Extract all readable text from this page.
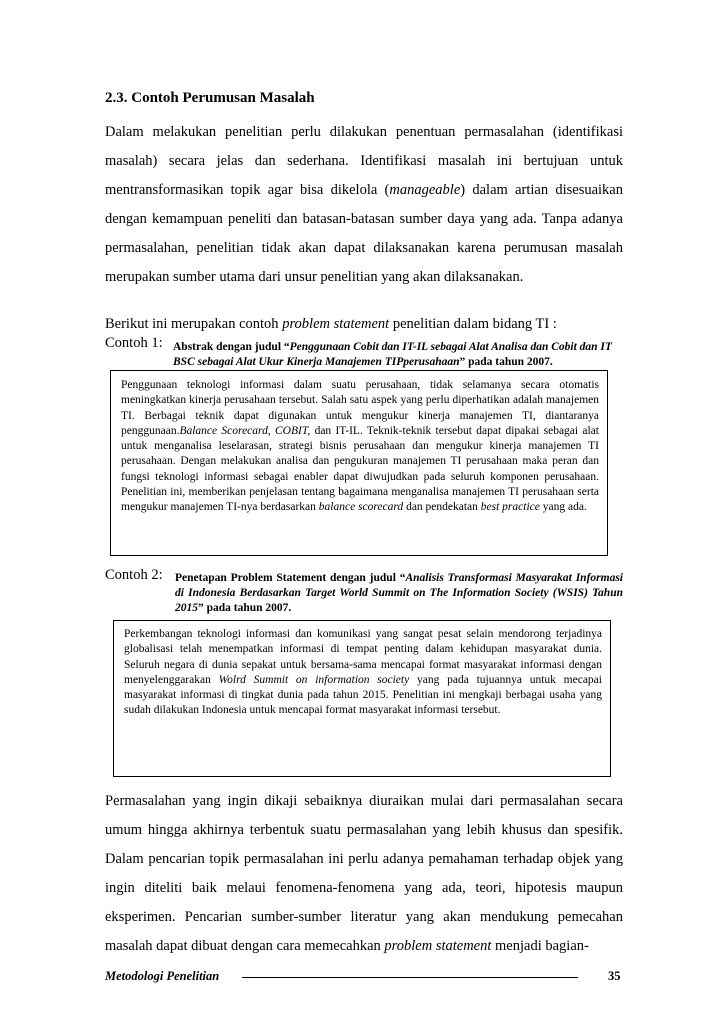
2.3. Contoh Perumusan Masalah

Dalam melakukan penelitian perlu dilakukan penentuan permasalahan (identifikasi masalah) secara jelas dan sederhana. Identifikasi masalah ini bertujuan untuk mentransformasikan topik agar bisa dikelola (manageable) dalam artian disesuaikan dengan kemampuan peneliti dan batasan-batasan sumber daya yang ada. Tanpa adanya permasalahan, penelitian tidak akan dapat dilaksanakan karena perumusan masalah merupakan sumber utama dari unsur penelitian yang akan dilaksanakan.

Berikut ini merupakan contoh problem statement penelitian dalam bidang TI :

Contoh 1: Abstrak dengan judul “Penggunaan Cobit dan IT-IL sebagai Alat Analisa dan Cobit dan IT BSC sebagai Alat Ukur Kinerja Manajemen TIPperusahaan” pada tahun 2007.

Penggunaan teknologi informasi dalam suatu perusahaan, tidak selamanya secara otomatis meningkatkan kinerja perusahaan tersebut. Salah satu aspek yang perlu diperhatikan adalah manajemen TI. Berbagai teknik dapat digunakan untuk mengukur kinerja manajemen TI, diantaranya penggunaan.Balance Scorecard, COBIT, dan IT-IL. Teknik-teknik tersebut dapat dipakai sebagai alat untuk menganalisa leselarasan, strategi bisnis perusahaan dan mengukur kinerja manajemen TI perusahaan. Dengan melakukan analisa dan pengukuran manajemen TI perusahaan maka peran dan fungsi teknologi informasi sebagai enabler dapat diwujudkan pada seluruh komponen perusahaan. Penelitian ini, memberikan penjelasan tentang bagaimana menganalisa manajemen TI perusahaan serta mengukur manajemen TI-nya berdasarkan balance scorecard dan pendekatan best practice yang ada.

Contoh 2: Penetapan Problem Statement dengan judul “Analisis Transformasi Masyarakat Informasi di Indonesia Berdasarkan Target World Summit on The Information Society (WSIS) Tahun 2015” pada tahun 2007.

Perkembangan teknologi informasi dan komunikasi yang sangat pesat selain mendorong terjadinya globalisasi telah menempatkan informasi di tempat penting dalam kehidupan masyarakat dunia. Seluruh negara di dunia sepakat untuk bersama-sama mencapai format masyarakat informasi dengan menyelenggarakan Wolrd Summit on information society yang pada tujuannya untuk mecapai masyarakat informasi di tingkat dunia pada tahun 2015. Penelitian ini mengkaji berbagai usaha yang sudah dilakukan Indonesia untuk mencapai format masyarakat informasi tersebut.

Permasalahan yang ingin dikaji sebaiknya diuraikan mulai dari permasalahan secara umum hingga akhirnya terbentuk suatu permasalahan yang lebih khusus dan spesifik. Dalam pencarian topik permasalahan ini perlu adanya pemahaman terhadap objek yang ingin diteliti baik melaui fenomena-fenomena yang ada, teori, hipotesis maupun eksperimen. Pencarian sumber-sumber literatur yang akan mendukung pemecahan masalah dapat dibuat dengan cara memecahkan problem statement menjadi bagian-

Metodologi Penelitian	35
